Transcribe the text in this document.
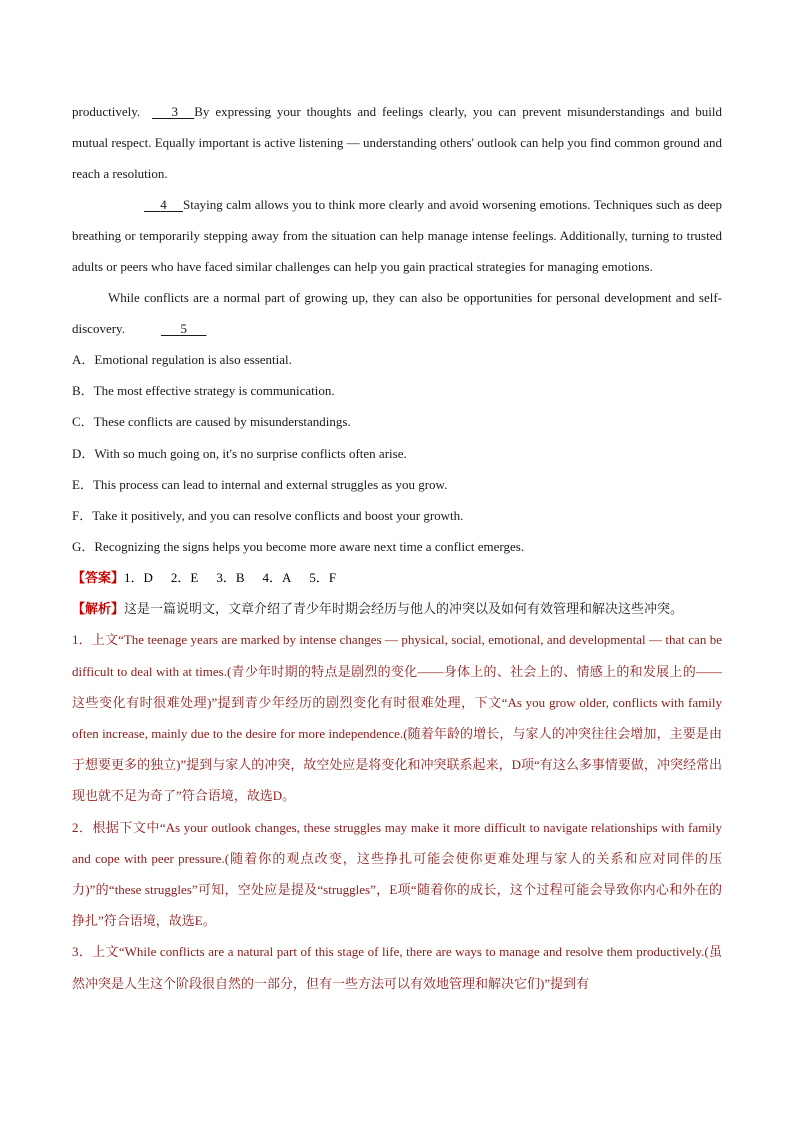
productively. 3 By expressing your thoughts and feelings clearly, you can prevent misunderstandings and build mutual respect. Equally important is active listening — understanding others' outlook can help you find common ground and reach a resolution.

4 Staying calm allows you to think more clearly and avoid worsening emotions. Techniques such as deep breathing or temporarily stepping away from the situation can help manage intense feelings. Additionally, turning to trusted adults or peers who have faced similar challenges can help you gain practical strategies for managing emotions.

While conflicts are a normal part of growing up, they can also be opportunities for personal development and self-discovery.	5

A．Emotional regulation is also essential.

B．The most effective strategy is communication.

C．These conflicts are caused by misunderstandings.

D．With so much going on, it's no surprise conflicts often arise.

E．This process can lead to internal and external struggles as you grow.

F．Take it positively, and you can resolve conflicts and boost your growth.

G．Recognizing the signs helps you become more aware next time a conflict emerges.

【答案】1．D 2．E 3．B 4．A 5．F

【解析】这是一篇说明文，文章介绍了青少年时期会经历与他人的冲突以及如何有效管理和解决这些冲突。

1．上文“The teenage years are marked by intense changes — physical, social, emotional, and developmental — that can be difficult to deal with at times.(青少年时期的特点是剧烈的变化——身体上的、社会上的、情感上的和发展上的——这些变化有时很难处理)”提到青少年经历的剧烈变化有时很难处理，下文“As you grow older, conflicts with family often increase, mainly due to the desire for more independence.(随着年龄的增长，与家人的冲突往往会增加，主要是由于想要更多的独立)”提到与家人的冲突，故空处应是将变化和冲突联系起来，D项“有这么多事情要做，冲突经常出现也就不足为奇了”符合语境，故选D。

2．根据下文中“As your outlook changes, these struggles may make it more difficult to navigate relationships with family and cope with peer pressure.(随着你的观点改变，这些挣扎可能会使你更难处理与家人的关系和应对同伴的压力)”的“these struggles”可知，空处应是提及“struggles”，E项“随着你的成长，这个过程可能会导致你内心和外在的挣扎”符合语境，故选E。

3．上文“While conflicts are a natural part of this stage of life, there are ways to manage and resolve them productively.(虽然冲突是人生这个阶段很自然的一部分，但有一些方法可以有效地管理和解决它们)”提到有
